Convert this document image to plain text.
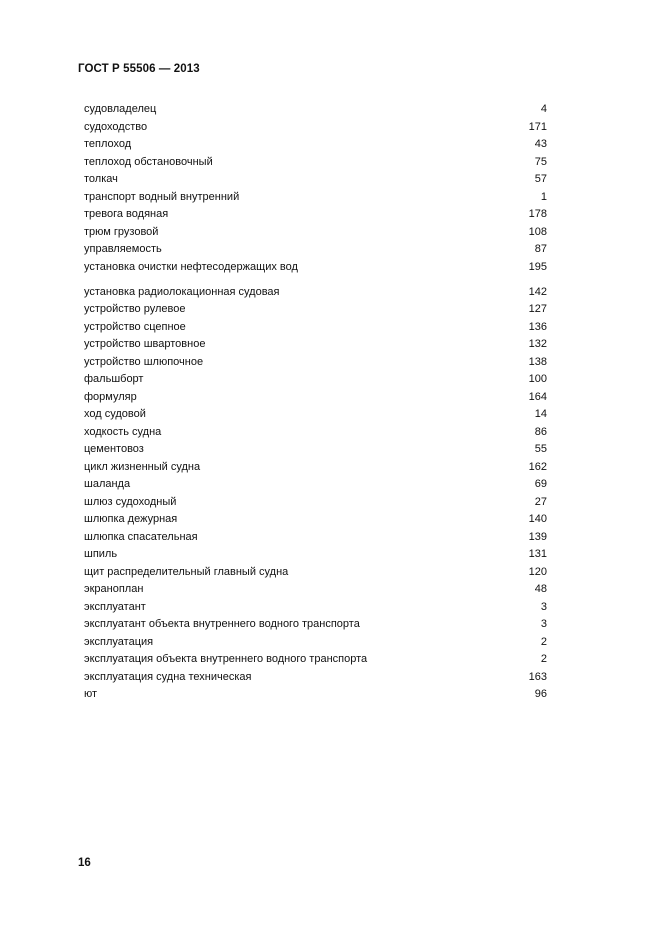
ГОСТ Р 55506 — 2013
судовладелец	4
судоходство	171
теплоход	43
теплоход обстановочный	75
толкач	57
транспорт водный внутренний	1
тревога водяная	178
трюм грузовой	108
управляемость	87
установка очистки нефтесодержащих вод	195
установка радиолокационная судовая	142
устройство рулевое	127
устройство сцепное	136
устройство швартовное	132
устройство шлюпочное	138
фальшборт	100
формуляр	164
ход судовой	14
ходкость судна	86
цементовоз	55
цикл жизненный судна	162
шаланда	69
шлюз судоходный	27
шлюпка дежурная	140
шлюпка спасательная	139
шпиль	131
щит распределительный главный судна	120
экраноплан	48
эксплуатант	3
эксплуатант объекта внутреннего водного транспорта	3
эксплуатация	2
эксплуатация объекта внутреннего водного транспорта	2
эксплуатация судна техническая	163
ют	96
16
